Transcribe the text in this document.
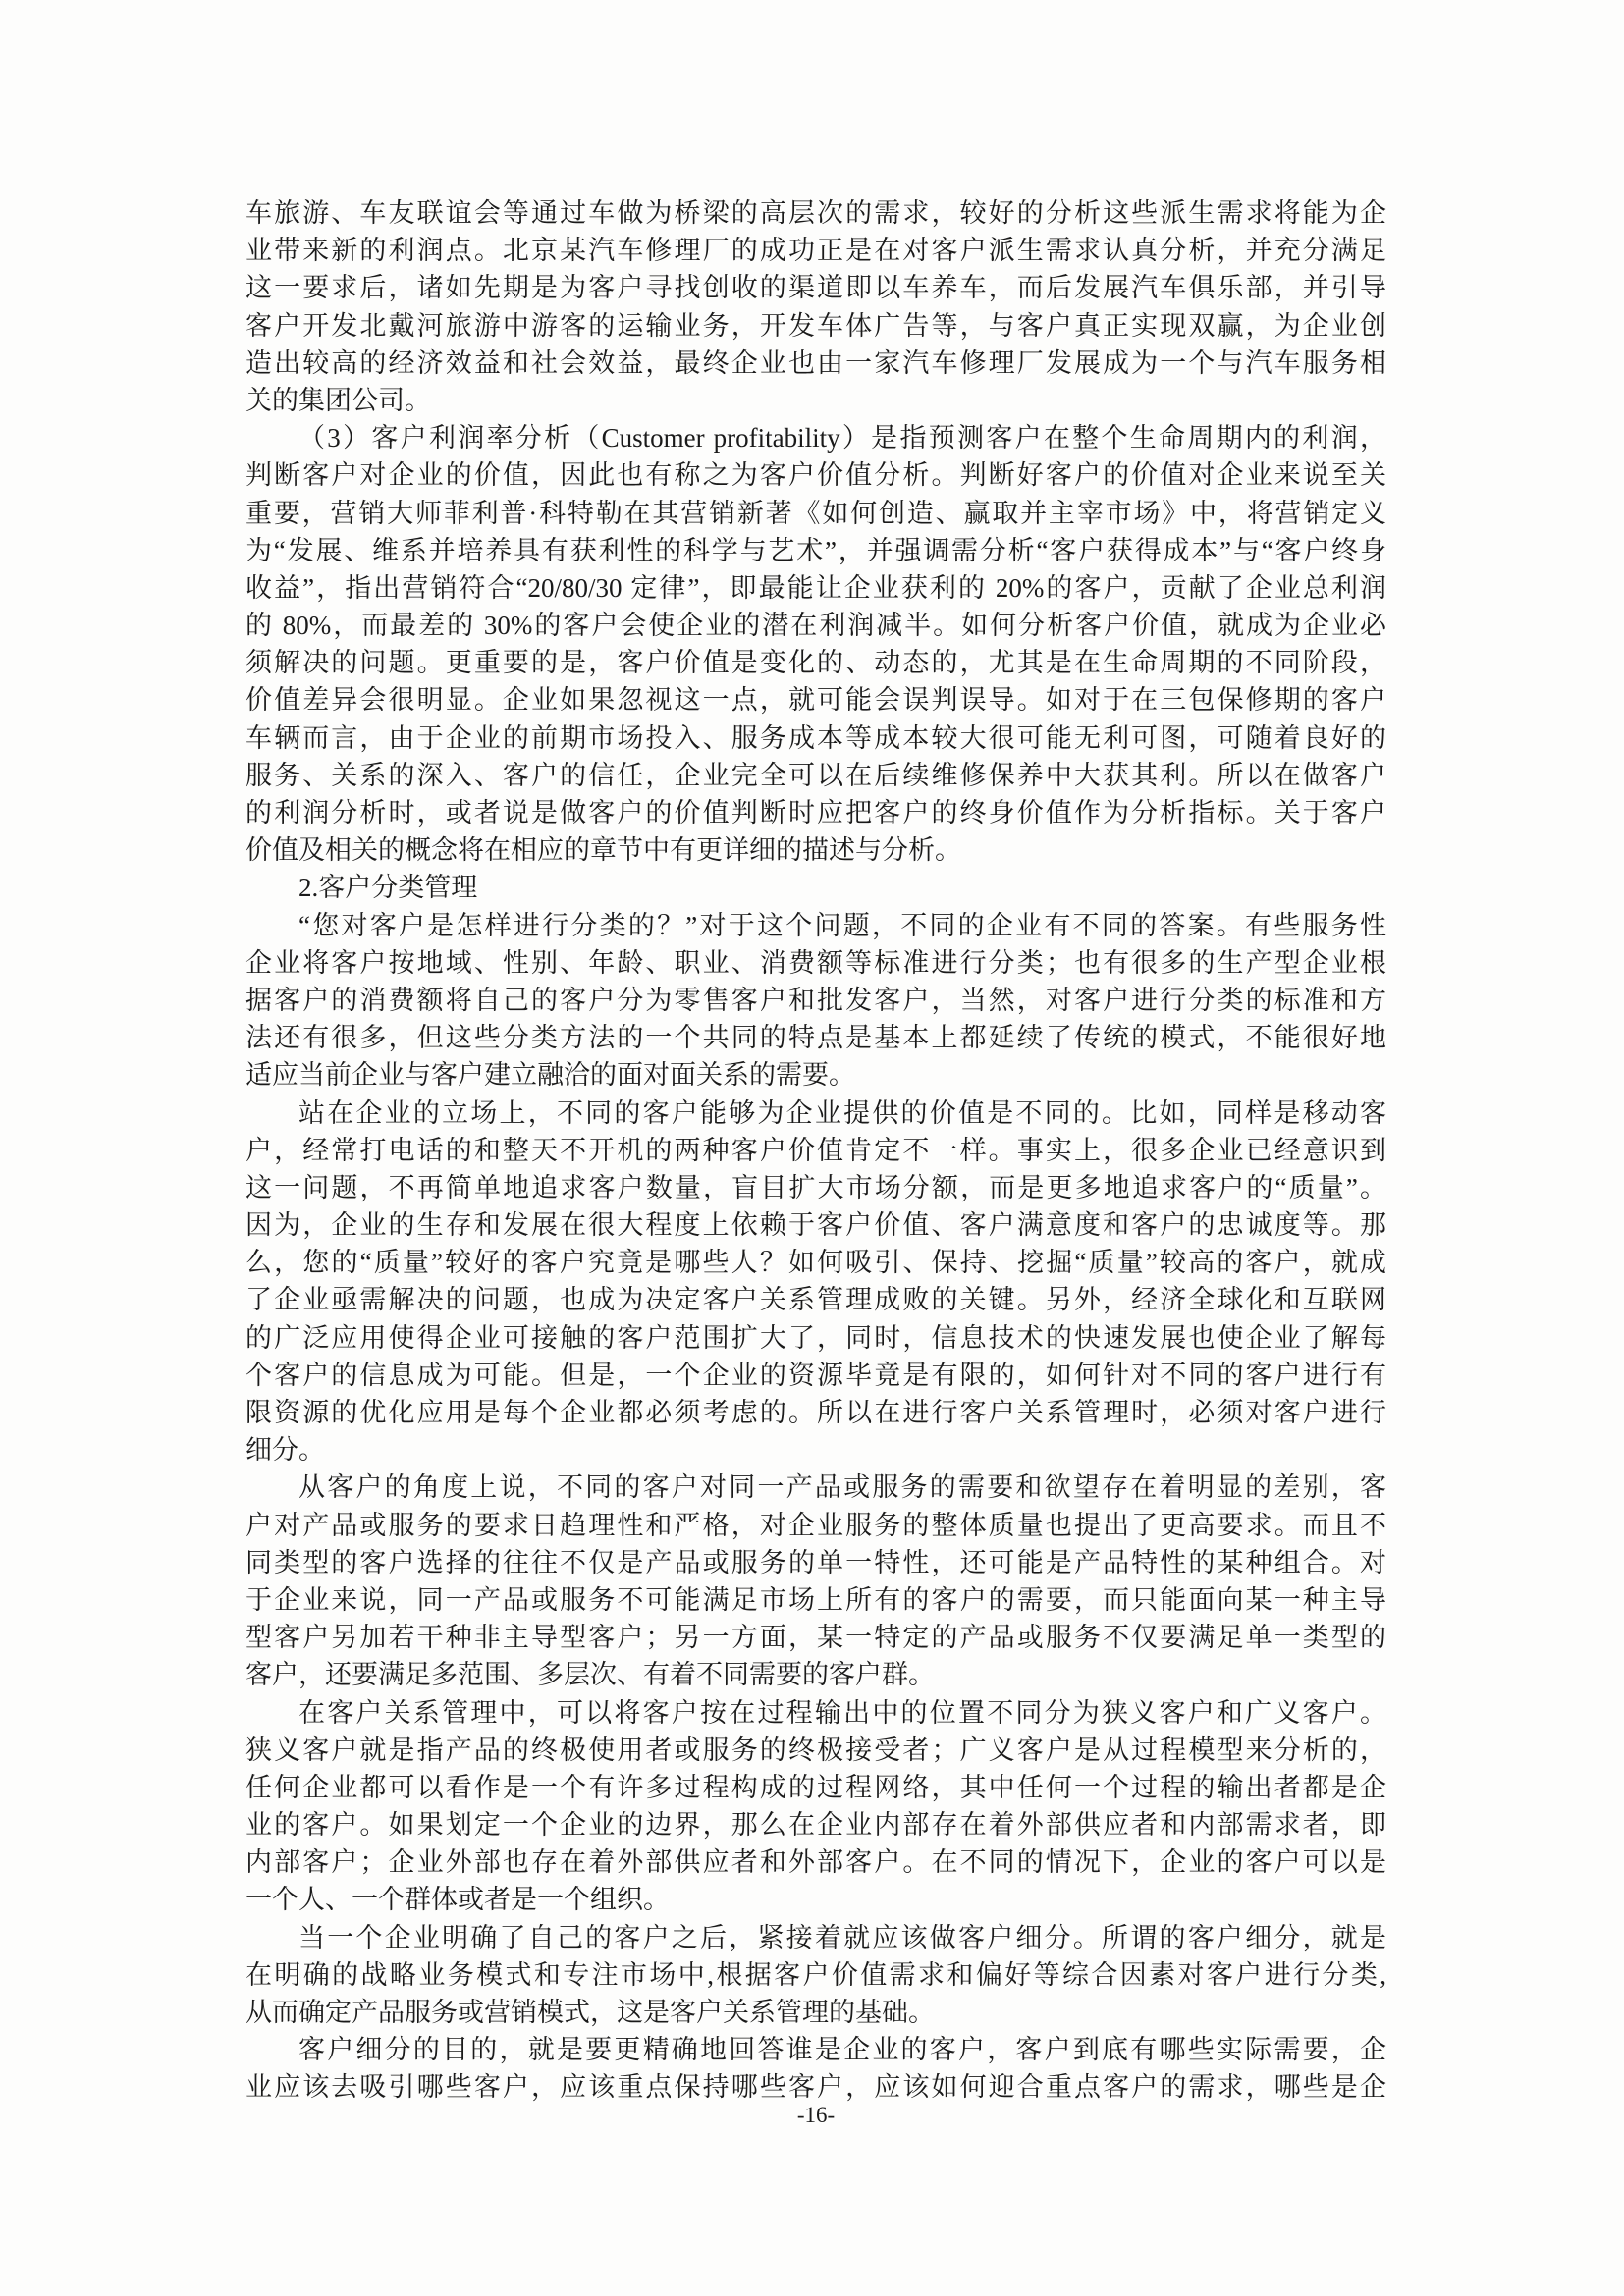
车旅游、车友联谊会等通过车做为桥梁的高层次的需求，较好的分析这些派生需求将能为企
业带来新的利润点。北京某汽车修理厂的成功正是在对客户派生需求认真分析，并充分满足
这一要求后，诸如先期是为客户寻找创收的渠道即以车养车，而后发展汽车俱乐部，并引导
客户开发北戴河旅游中游客的运输业务，开发车体广告等，与客户真正实现双赢，为企业创
造出较高的经济效益和社会效益，最终企业也由一家汽车修理厂发展成为一个与汽车服务相
关的集团公司。
（3）客户利润率分析（Customer profitability）是指预测客户在整个生命周期内的利润，
判断客户对企业的价值，因此也有称之为客户价值分析。判断好客户的价值对企业来说至关
重要，营销大师菲利普·科特勒在其营销新著《如何创造、赢取并主宰市场》中，将营销定义
为“发展、维系并培养具有获利性的科学与艺术”，并强调需分析“客户获得成本”与“客户终身
收益”，指出营销符合“20/80/30 定律”，即最能让企业获利的 20%的客户，贡献了企业总利润
的 80%，而最差的 30%的客户会使企业的潜在利润减半。如何分析客户价值，就成为企业必
须解决的问题。更重要的是，客户价值是变化的、动态的，尤其是在生命周期的不同阶段，
价值差异会很明显。企业如果忽视这一点，就可能会误判误导。如对于在三包保修期的客户
车辆而言，由于企业的前期市场投入、服务成本等成本较大很可能无利可图，可随着良好的
服务、关系的深入、客户的信任，企业完全可以在后续维修保养中大获其利。所以在做客户
的利润分析时，或者说是做客户的价值判断时应把客户的终身价值作为分析指标。关于客户
价值及相关的概念将在相应的章节中有更详细的描述与分析。
2.客户分类管理
“您对客户是怎样进行分类的？”对于这个问题，不同的企业有不同的答案。有些服务性
企业将客户按地域、性别、年龄、职业、消费额等标准进行分类；也有很多的生产型企业根
据客户的消费额将自己的客户分为零售客户和批发客户，当然，对客户进行分类的标准和方
法还有很多，但这些分类方法的一个共同的特点是基本上都延续了传统的模式，不能很好地
适应当前企业与客户建立融洽的面对面关系的需要。
站在企业的立场上，不同的客户能够为企业提供的价值是不同的。比如，同样是移动客
户，经常打电话的和整天不开机的两种客户价值肯定不一样。事实上，很多企业已经意识到
这一问题，不再简单地追求客户数量，盲目扩大市场分额，而是更多地追求客户的“质量”。
因为，企业的生存和发展在很大程度上依赖于客户价值、客户满意度和客户的忠诚度等。那
么，您的“质量”较好的客户究竟是哪些人？如何吸引、保持、挖掘“质量”较高的客户，就成
了企业亟需解决的问题，也成为决定客户关系管理成败的关键。另外，经济全球化和互联网
的广泛应用使得企业可接触的客户范围扩大了，同时，信息技术的快速发展也使企业了解每
个客户的信息成为可能。但是，一个企业的资源毕竟是有限的，如何针对不同的客户进行有
限资源的优化应用是每个企业都必须考虑的。所以在进行客户关系管理时，必须对客户进行
细分。
从客户的角度上说，不同的客户对同一产品或服务的需要和欲望存在着明显的差别，客
户对产品或服务的要求日趋理性和严格，对企业服务的整体质量也提出了更高要求。而且不
同类型的客户选择的往往不仅是产品或服务的单一特性，还可能是产品特性的某种组合。对
于企业来说，同一产品或服务不可能满足市场上所有的客户的需要，而只能面向某一种主导
型客户另加若干种非主导型客户；另一方面，某一特定的产品或服务不仅要满足单一类型的
客户，还要满足多范围、多层次、有着不同需要的客户群。
在客户关系管理中，可以将客户按在过程输出中的位置不同分为狭义客户和广义客户。
狭义客户就是指产品的终极使用者或服务的终极接受者；广义客户是从过程模型来分析的，
任何企业都可以看作是一个有许多过程构成的过程网络，其中任何一个过程的输出者都是企
业的客户。如果划定一个企业的边界，那么在企业内部存在着外部供应者和内部需求者，即
内部客户；企业外部也存在着外部供应者和外部客户。在不同的情况下，企业的客户可以是
一个人、一个群体或者是一个组织。
当一个企业明确了自己的客户之后，紧接着就应该做客户细分。所谓的客户细分，就是
在明确的战略业务模式和专注市场中,根据客户价值需求和偏好等综合因素对客户进行分类,
从而确定产品服务或营销模式，这是客户关系管理的基础。
客户细分的目的，就是要更精确地回答谁是企业的客户，客户到底有哪些实际需要，企
业应该去吸引哪些客户，应该重点保持哪些客户，应该如何迎合重点客户的需求，哪些是企
-16-
